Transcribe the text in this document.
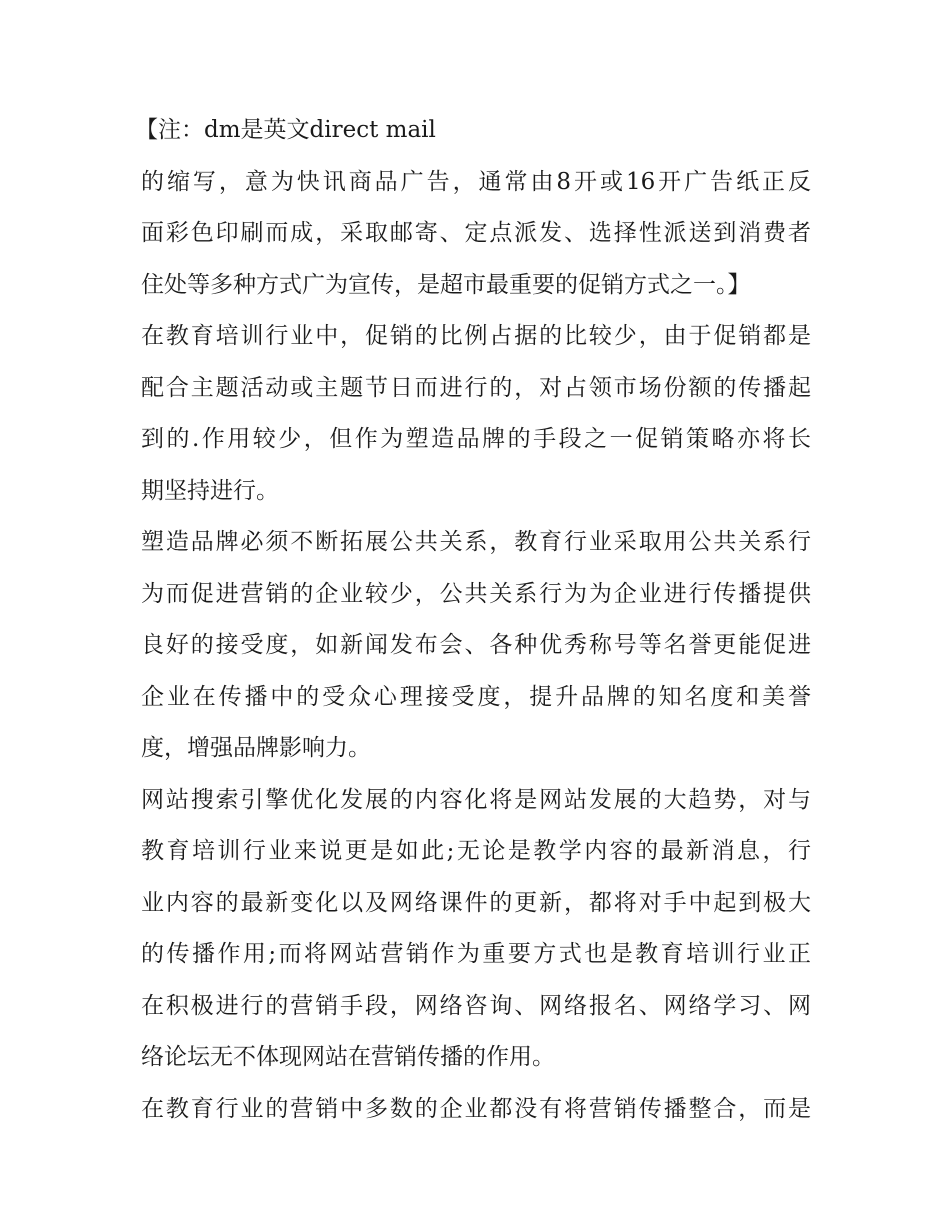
【注：dm是英文direct mail
的缩写，意为快讯商品广告，通常由8开或16开广告纸正反
面彩色印刷而成，采取邮寄、定点派发、选择性派送到消费者
住处等多种方式广为宣传，是超市最重要的促销方式之一。】
在教育培训行业中，促销的比例占据的比较少，由于促销都是
配合主题活动或主题节日而进行的，对占领市场份额的传播起
到的.作用较少，但作为塑造品牌的手段之一促销策略亦将长
期坚持进行。
塑造品牌必须不断拓展公共关系，教育行业采取用公共关系行
为而促进营销的企业较少，公共关系行为为企业进行传播提供
良好的接受度，如新闻发布会、各种优秀称号等名誉更能促进
企业在传播中的受众心理接受度，提升品牌的知名度和美誉
度，增强品牌影响力。
网站搜索引擎优化发展的内容化将是网站发展的大趋势，对与
教育培训行业来说更是如此;无论是教学内容的最新消息，行
业内容的最新变化以及网络课件的更新，都将对手中起到极大
的传播作用;而将网站营销作为重要方式也是教育培训行业正
在积极进行的营销手段，网络咨询、网络报名、网络学习、网
络论坛无不体现网站在营销传播的作用。
在教育行业的营销中多数的企业都没有将营销传播整合，而是
